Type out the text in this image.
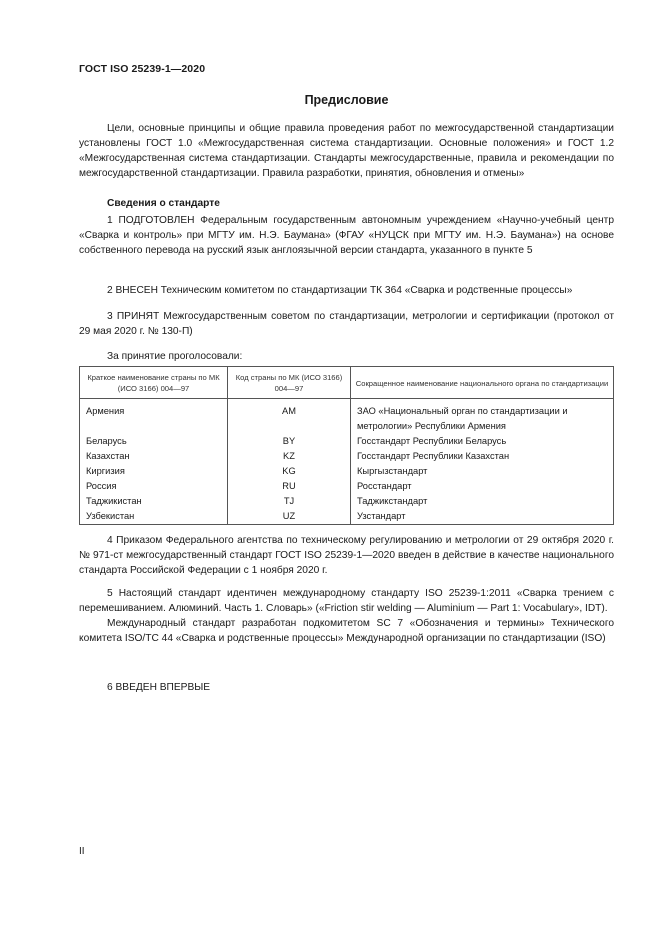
ГОСТ ISO 25239-1—2020
Предисловие

Цели, основные принципы и общие правила проведения работ по межгосударственной стандартизации установлены ГОСТ 1.0 «Межгосударственная система стандартизации. Основные положения» и ГОСТ 1.2 «Межгосударственная система стандартизации. Стандарты межгосударственные, правила и рекомендации по межгосударственной стандартизации. Правила разработки, принятия, обновления и отмены»

Сведения о стандарте

1 ПОДГОТОВЛЕН Федеральным государственным автономным учреждением «Научно-учебный центр «Сварка и контроль» при МГТУ им. Н.Э. Баумана» (ФГАУ «НУЦСК при МГТУ им. Н.Э. Баумана») на основе собственного перевода на русский язык англоязычной версии стандарта, указанного в пункте 5

2 ВНЕСЕН Техническим комитетом по стандартизации ТК 364 «Сварка и родственные процессы»

3 ПРИНЯТ Межгосударственным советом по стандартизации, метрологии и сертификации (протокол от 29 мая 2020 г. № 130-П)

За принятие проголосовали:

Краткое наименование страны по МК (ИСО 3166) 004—97	Код страны по МК (ИСО 3166) 004—97	Сокращенное наименование национального органа по стандартизации
Армения	AM	ЗАО «Национальный орган по стандартизации и метрологии» Республики Армения
Беларусь	BY	Госстандарт Республики Беларусь
Казахстан	KZ	Госстандарт Республики Казахстан
Киргизия	KG	Кыргызстандарт
Россия	RU	Росстандарт
Таджикистан	TJ	Таджикстандарт
Узбекистан	UZ	Узстандарт

4 Приказом Федерального агентства по техническому регулированию и метрологии от 29 октября 2020 г. № 971-ст межгосударственный стандарт ГОСТ ISO 25239-1—2020 введен в действие в качестве национального стандарта Российской Федерации с 1 ноября 2020 г.

5 Настоящий стандарт идентичен международному стандарту ISO 25239-1:2011 «Сварка трением с перемешиванием. Алюминий. Часть 1. Словарь» («Friction stir welding — Aluminium — Part 1: Vocabulary», IDT).

Международный стандарт разработан подкомитетом SC 7 «Обозначения и термины» Технического комитета ISO/TC 44 «Сварка и родственные процессы» Международной организации по стандартизации (ISO)

6 ВВЕДЕН ВПЕРВЫЕ

II
